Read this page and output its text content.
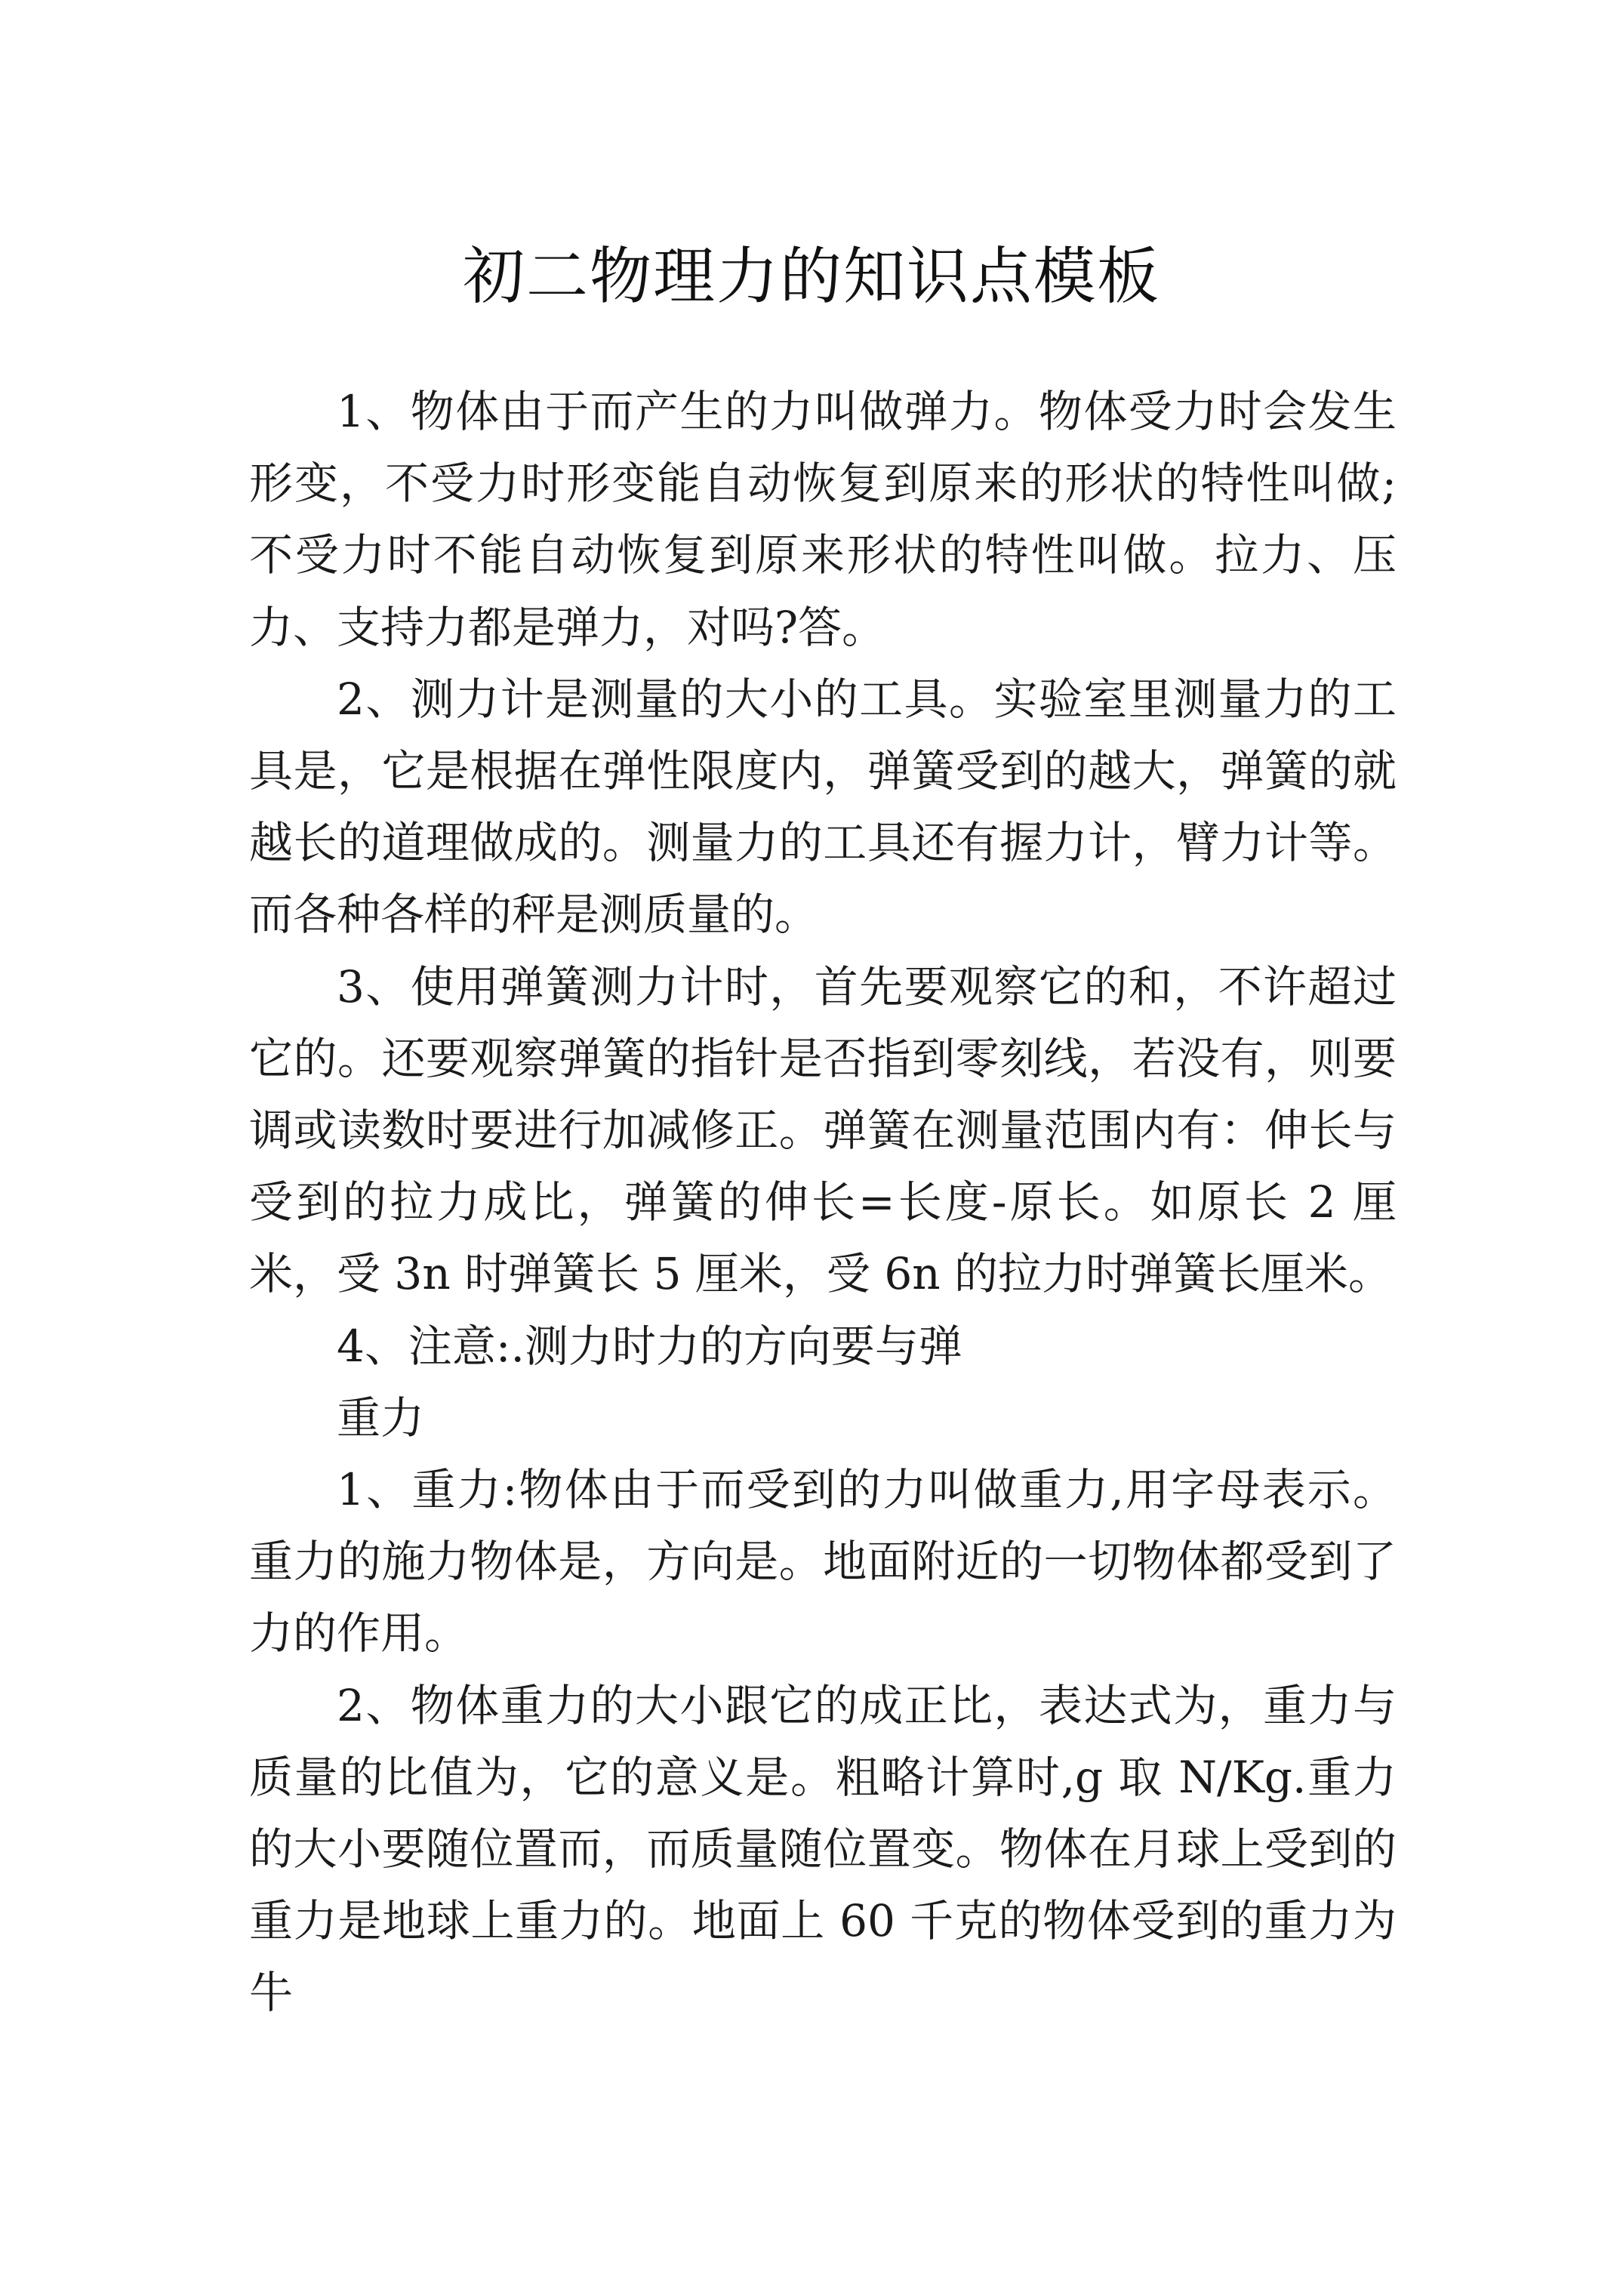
初二物理力的知识点模板

1、物体由于而产生的力叫做弹力。物体受力时会发生形变，不受力时形变能自动恢复到原来的形状的特性叫做;不受力时不能自动恢复到原来形状的特性叫做。拉力、压力、支持力都是弹力，对吗?答。

2、测力计是测量的大小的工具。实验室里测量力的工具是，它是根据在弹性限度内，弹簧受到的越大，弹簧的就越长的道理做成的。测量力的工具还有握力计，臂力计等。而各种各样的秤是测质量的。

3、使用弹簧测力计时，首先要观察它的和，不许超过它的。还要观察弹簧的指针是否指到零刻线，若没有，则要调或读数时要进行加减修正。弹簧在测量范围内有：伸长与受到的拉力成比，弹簧的伸长=长度-原长。如原长 2 厘米，受 3n 时弹簧长 5 厘米，受 6n 的拉力时弹簧长厘米。

4、注意:.测力时力的方向要与弹

重力

1、重力:物体由于而受到的力叫做重力,用字母表示。重力的施力物体是，方向是。地面附近的一切物体都受到了力的作用。

2、物体重力的大小跟它的成正比，表达式为，重力与质量的比值为，它的意义是。粗略计算时,g 取 N/Kg.重力的大小要随位置而，而质量随位置变。物体在月球上受到的重力是地球上重力的。地面上 60 千克的物体受到的重力为牛
